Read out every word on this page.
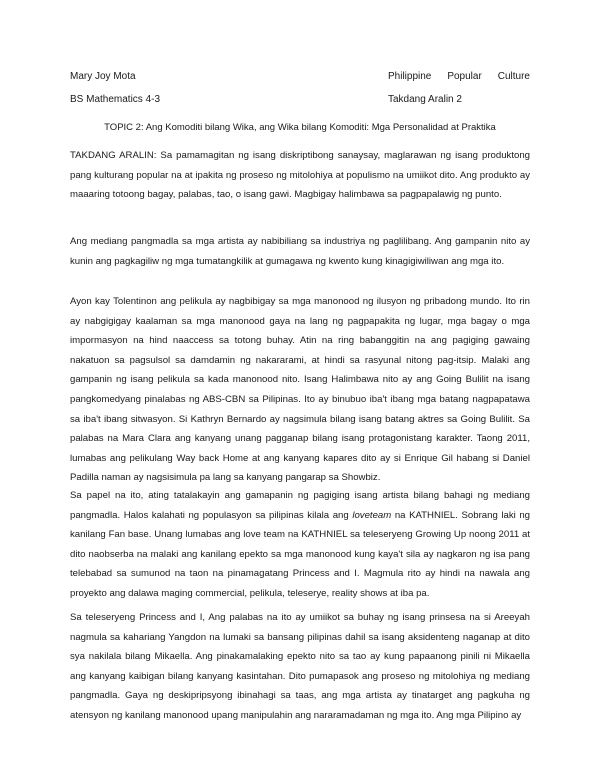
Mary Joy Mota	Philippine Popular Culture
BS Mathematics 4-3	Takdang Aralin 2
TOPIC 2: Ang Komoditi bilang Wika, ang Wika bilang Komoditi: Mga Personalidad at Praktika

TAKDANG ARALIN: Sa pamamagitan ng isang diskriptibong sanaysay, maglarawan ng isang produktong pang kulturang popular na at ipakita ng proseso ng mitolohiya at populismo na umiikot dito. Ang produkto ay maaaring totoong bagay, palabas, tao, o isang gawi. Magbigay halimbawa sa pagpapalawig ng punto.

Ang mediang pangmadla sa mga artista ay nabibiliang sa industriya ng paglilibang. Ang gampanin nito ay kunin ang pagkagiliw ng mga tumatangkilik at gumagawa ng kwento kung kinagigiwiliwan ang mga ito.

Ayon kay Tolentinon ang pelikula ay nagbibigay sa mga manonood ng ilusyon ng pribadong mundo. Ito rin ay nabgigigay kaalaman sa mga manonood gaya na lang ng pagpapakita ng lugar, mga bagay o mga impormasyon na hind naaccess sa totong buhay. Atin na ring babanggitin na ang pagiging gawaing nakatuon sa pagsulsol sa damdamin ng nakararami, at hindi sa rasyunal nitong pag-itsip. Malaki ang gampanin ng isang pelikula sa kada manonood nito. Isang Halimbawa nito ay ang Going Bulilit na isang pangkomedyang pinalabas ng ABS-CBN sa Pilipinas. Ito ay binubuo iba't ibang mga batang nagpapatawa sa iba't ibang sitwasyon. Si Kathryn Bernardo ay nagsimula bilang isang batang aktres sa Going Bulilit. Sa palabas na Mara Clara ang kanyang unang pagganap bilang isang protagonistang karakter. Taong 2011, lumabas ang pelikulang Way back Home at ang kanyang kapares dito ay si Enrique Gil habang si Daniel Padilla naman ay nagsisimula pa lang sa kanyang pangarap sa Showbiz.

Sa papel na ito, ating tatalakayin ang gamapanin ng pagiging isang artista bilang bahagi ng mediang pangmadla. Halos kalahati ng populasyon sa pilipinas kilala ang loveteam na KATHNIEL. Sobrang laki ng kanilang Fan base. Unang lumabas ang love team na KATHNIEL sa teleseryeng Growing Up noong 2011 at dito naobserba na malaki ang kanilang epekto sa mga manonood kung kaya't sila ay nagkaron ng isa pang telebabad sa sumunod na taon na pinamagatang Princess and I. Magmula rito ay hindi na nawala ang proyekto ang dalawa maging commercial, pelikula, teleserye, reality shows at iba pa.

Sa teleseryeng Princess and I, Ang palabas na ito ay umiikot sa buhay ng isang prinsesa na si Areeyah nagmula sa kahariang Yangdon na lumaki sa bansang pilipinas dahil sa isang aksidenteng naganap at dito sya nakilala bilang Mikaella. Ang pinakamalaking epekto nito sa tao ay kung papaanong pinili ni Mikaella ang kanyang kaibigan bilang kanyang kasintahan. Dito pumapasok ang proseso ng mitolohiya ng mediang pangmadla. Gaya ng deskipripsyong ibinahagi sa taas, ang mga artista ay tinatarget ang pagkuha ng atensyon ng kanilang manonood upang manipulahin ang nararamadaman ng mga ito. Ang mga Pilipino ay
